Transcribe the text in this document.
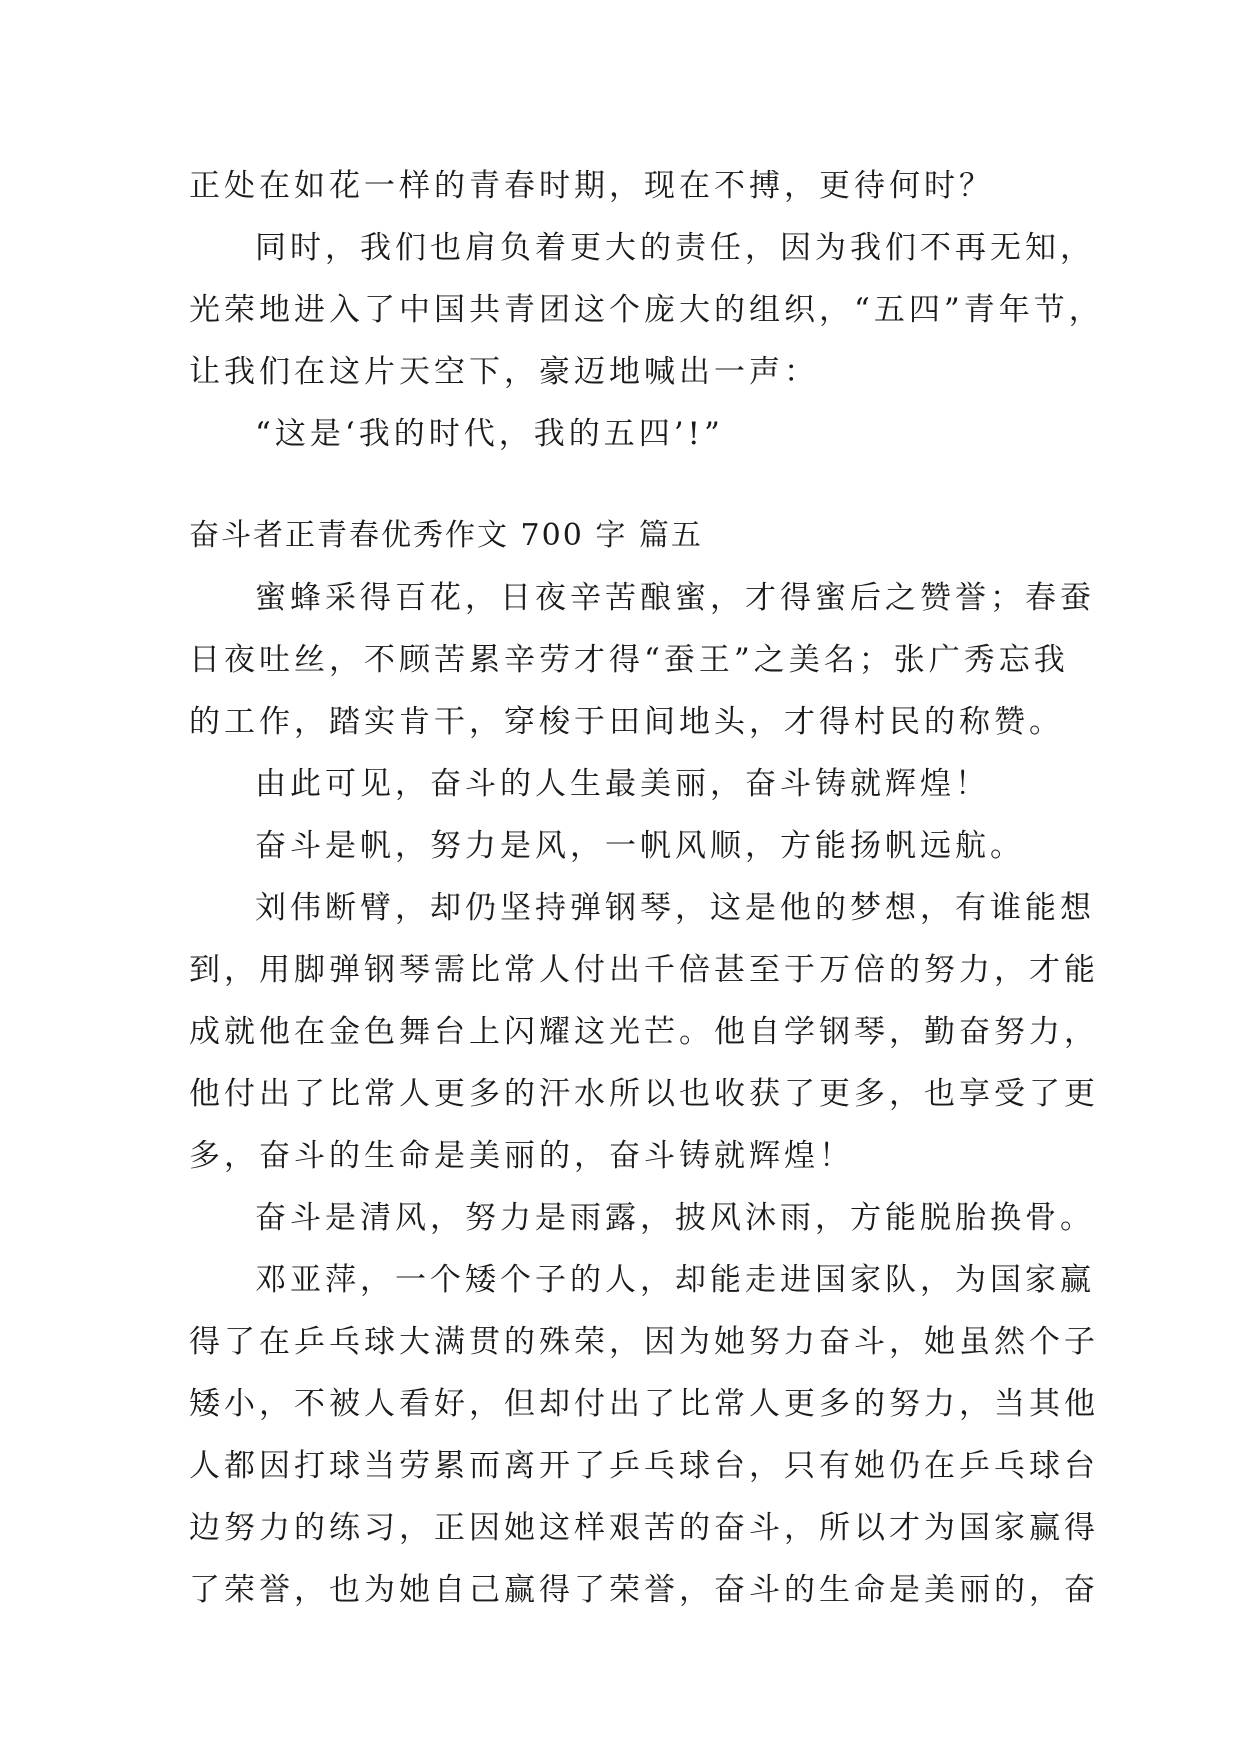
正处在如花一样的青春时期，现在不搏，更待何时？
同时，我们也肩负着更大的责任，因为我们不再无知，
光荣地进入了中国共青团这个庞大的组织，“五四”青年节，
让我们在这片天空下，豪迈地喊出一声：
“这是‘我的时代，我的五四’!”
奋斗者正青春优秀作文 700 字 篇五
蜜蜂采得百花，日夜辛苦酿蜜，才得蜜后之赞誉；春蚕
日夜吐丝，不顾苦累辛劳才得“蚕王”之美名；张广秀忘我
的工作，踏实肯干，穿梭于田间地头，才得村民的称赞。
由此可见，奋斗的人生最美丽，奋斗铸就辉煌！
奋斗是帆，努力是风，一帆风顺，方能扬帆远航。
刘伟断臂，却仍坚持弹钢琴，这是他的梦想，有谁能想
到，用脚弹钢琴需比常人付出千倍甚至于万倍的努力，才能
成就他在金色舞台上闪耀这光芒。他自学钢琴，勤奋努力，
他付出了比常人更多的汗水所以也收获了更多，也享受了更
多，奋斗的生命是美丽的，奋斗铸就辉煌！
奋斗是清风，努力是雨露，披风沐雨，方能脱胎换骨。
邓亚萍，一个矮个子的人，却能走进国家队，为国家赢
得了在乒乓球大满贯的殊荣，因为她努力奋斗，她虽然个子
矮小，不被人看好，但却付出了比常人更多的努力，当其他
人都因打球当劳累而离开了乒乓球台，只有她仍在乒乓球台
边努力的练习，正因她这样艰苦的奋斗，所以才为国家赢得
了荣誉，也为她自己赢得了荣誉，奋斗的生命是美丽的，奋
